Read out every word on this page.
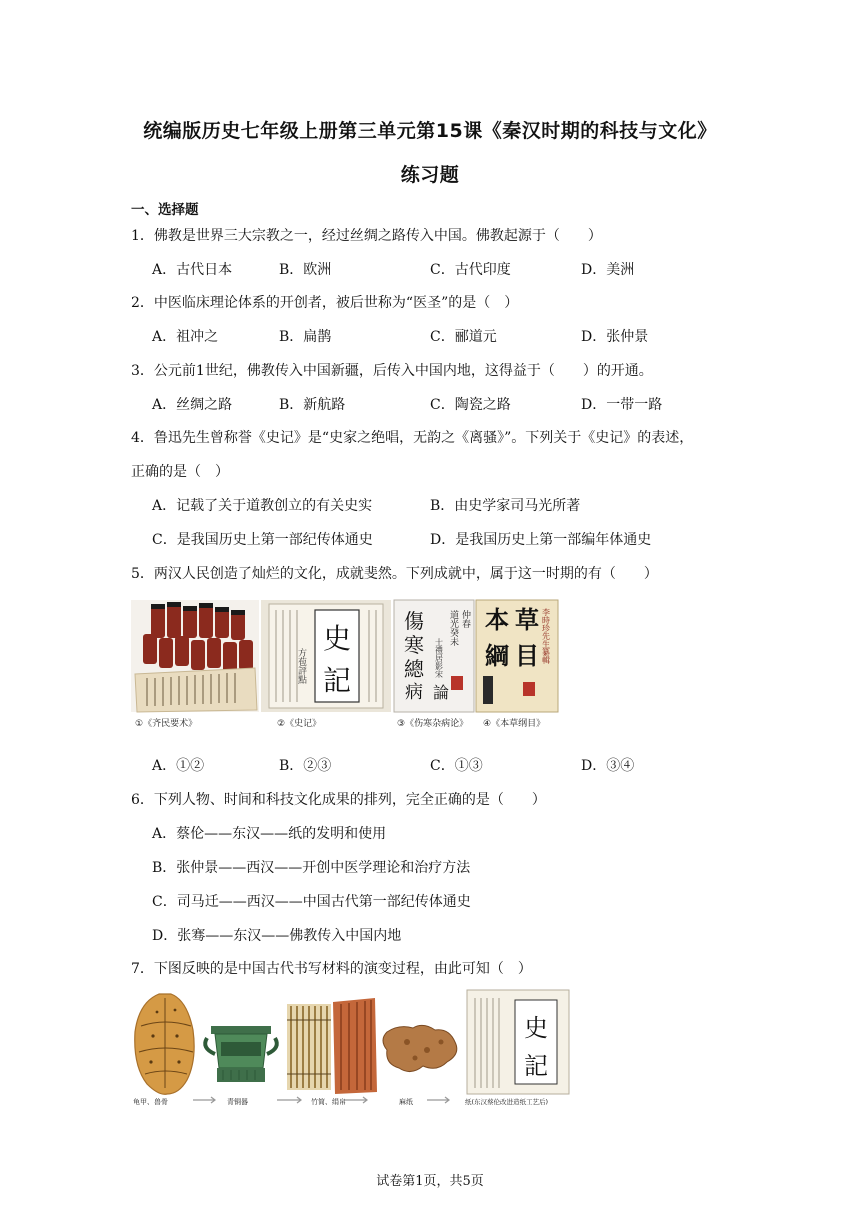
统编版历史七年级上册第三单元第15课《秦汉时期的科技与文化》
练习题
一、选择题
1．佛教是世界三大宗教之一，经过丝绸之路传入中国。佛教起源于（　　）
A．古代日本	B．欧洲	C．古代印度	D．美洲
2．中医临床理论体系的开创者，被后世称为“医圣”的是（　）
A．祖冲之	B．扁鹊	C．郦道元	D．张仲景
3．公元前1世纪，佛教传入中国新疆，后传入中国内地，这得益于（　　）的开通。
A．丝绸之路	B．新航路	C．陶瓷之路	D．一带一路
4．鲁迅先生曾称誉《史记》是“史家之绝唱，无韵之《离骚》”。下列关于《史记》的表述，
正确的是（　）
A．记载了关于道教创立的有关史实	B．由史学家司马光所著
C．是我国历史上第一部纪传体通史	D．是我国历史上第一部编年体通史
5．两汉人民创造了灿烂的文化，成就斐然。下列成就中，属于这一时期的有（　　）
史
記
方苞評點
傷
寒
總
病 論
道光癸未 仲春
士禮居影宋
本 草
綱 目 李時珍先生纂輯
①《齐民要术》	②《史记》	③《伤寒杂病论》 ④《本草纲目》
A．①②	B．②③	C．①③	D．③④
6．下列人物、时间和科技文化成果的排列，完全正确的是（　　）
A．蔡伦——东汉——纸的发明和使用
B．张仲景——西汉——开创中医学理论和治疗方法
C．司马迁——西汉——中国古代第一部纪传体通史
D．张骞——东汉——佛教传入中国内地
7．下图反映的是中国古代书写材料的演变过程，由此可知（　）
史
記
龟甲、兽骨	青铜器	竹简、绢帛	麻纸	纸(东汉蔡伦改进造纸工艺后)
试卷第1页，共5页
